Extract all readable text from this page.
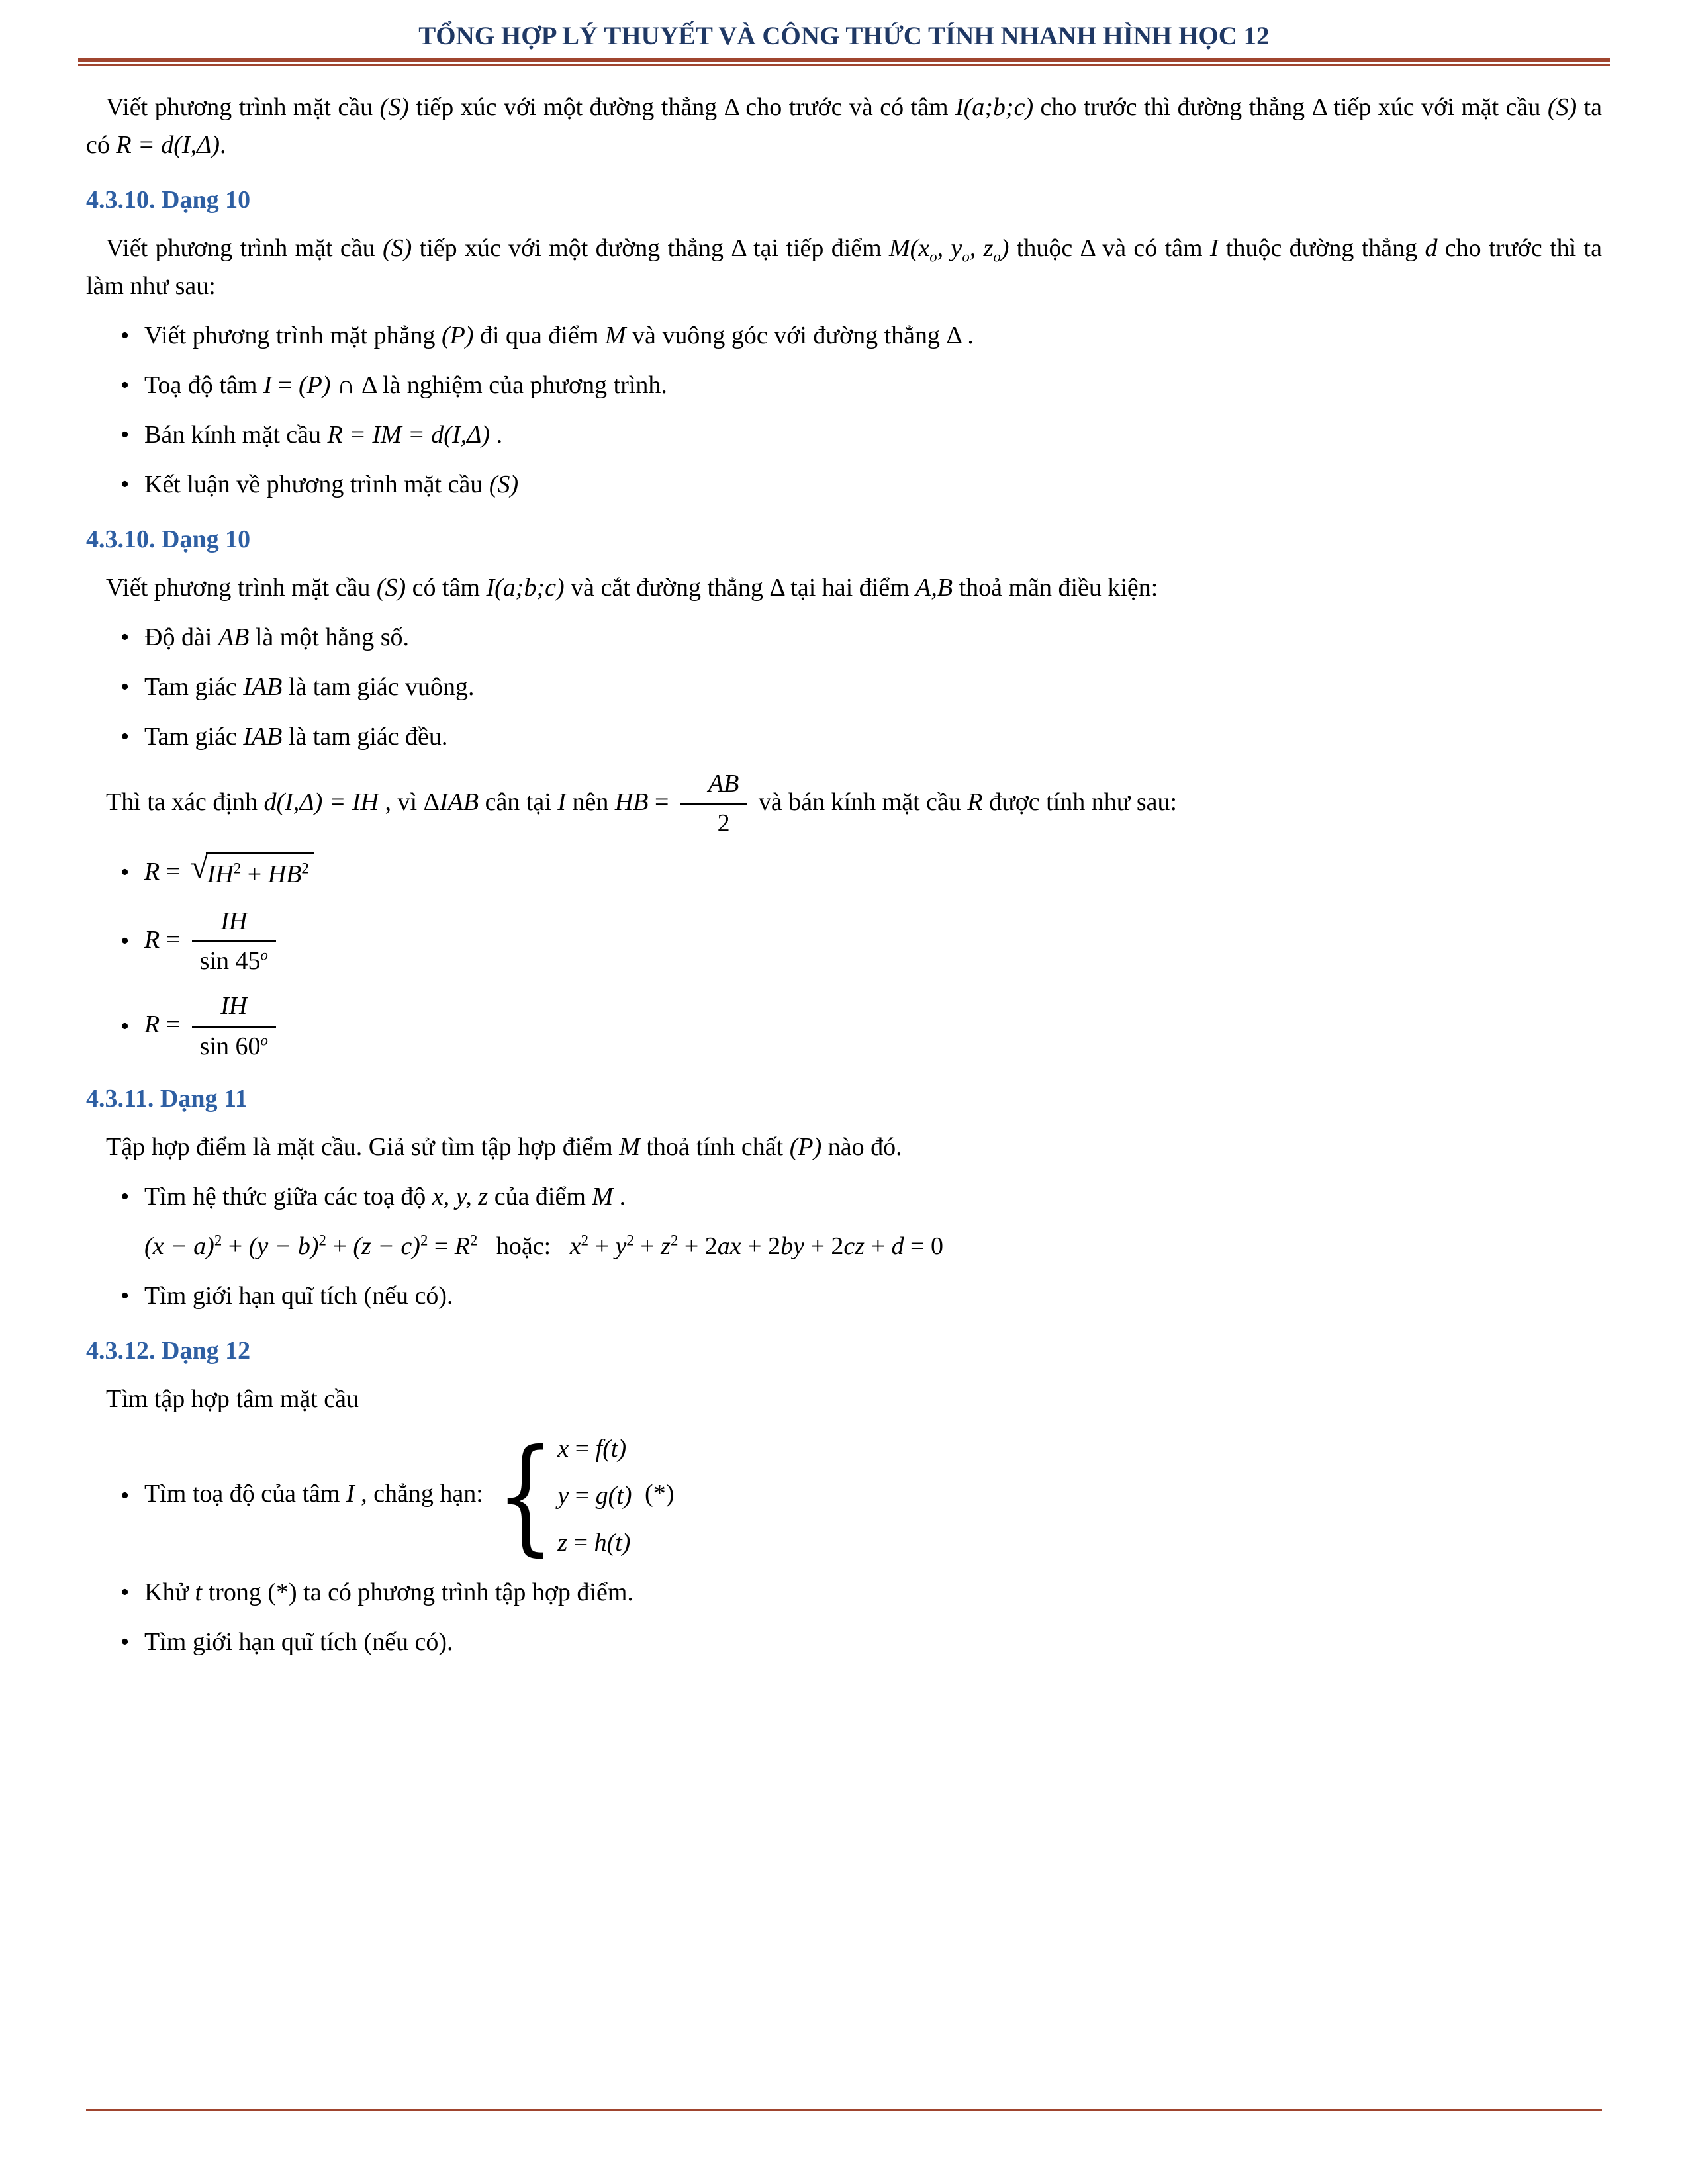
TỔNG HỢP LÝ THUYẾT VÀ CÔNG THỨC TÍNH NHANH HÌNH HỌC 12

Viết phương trình mặt cầu (S) tiếp xúc với một đường thẳng Δ cho trước và có tâm I(a;b;c) cho trước thì đường thẳng Δ tiếp xúc với mặt cầu (S) ta có R = d(I,Δ).

4.3.10. Dạng 10

Viết phương trình mặt cầu (S) tiếp xúc với một đường thẳng Δ tại tiếp điểm $M(x_o$, $y_o$, $z_o$) thuộc Δ và có tâm I thuộc đường thẳng d cho trước thì ta làm như sau:

• Viết phương trình mặt phẳng (P) đi qua điểm M và vuông góc với đường thẳng Δ .
• Toạ độ tâm I = (P) ∩ Δ là nghiệm của phương trình.
• Bán kính mặt cầu R = IM = d(I,Δ) .
• Kết luận về phương trình mặt cầu (S)
4.3.10. Dạng 10

Viết phương trình mặt cầu (S) có tâm I(a;b;c) và cắt đường thẳng Δ tại hai điểm A,B thoả mãn điều kiện:

• Độ dài AB là một hằng số.
• Tam giác IAB là tam giác vuông.
• Tam giác IAB là tam giác đều.

Thì ta xác định d(I,Δ) = IH , vì ΔIAB cân tại I nên HB = $\frac{AB}{2}$ và bán kính mặt cầu R được tính như sau:

• R = √
$IH^2 + HB^2$
• $R = \frac{IH}{\sin 45^o}$
• $R = \frac{IH}{\sin 60^o}$
4.3.11. Dạng 11

Tập hợp điểm là mặt cầu. Giả sử tìm tập hợp điểm M thoả tính chất (P) nào đó.

• Tìm hệ thức giữa các toạ độ x, y, z của điểm M .
$(x - a)^2 + (y - b)^2 + (z - c)^2 = R^2$   hoặc:   $x^2 + y^2 + z^2 + 2ax + 2by + 2cz + d = 0$
• Tìm giới hạn quĩ tích (nếu có).
4.3.12. Dạng 12

Tìm tập hợp tâm mặt cầu

• Tìm toạ độ của tâm I , chẳng hạn: { x = f(t)
y = g(t)
z = h(t)
(*)
• Khử t trong (*) ta có phương trình tập hợp điểm.
• Tìm giới hạn quĩ tích (nếu có).
